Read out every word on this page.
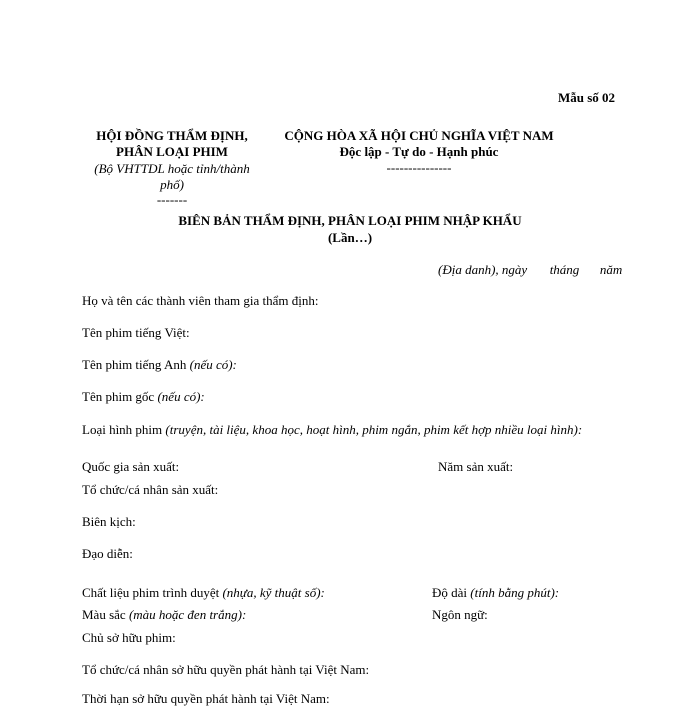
Mẫu số 02
HỘI ĐỒNG THẨM ĐỊNH,
PHÂN LOẠI PHIM
(Bộ VHTTDL hoặc tỉnh/thành
phố)
-------
CỘNG HÒA XÃ HỘI CHỦ NGHĨA VIỆT NAM
Độc lập - Tự do - Hạnh phúc
---------------
BIÊN BẢN THẨM ĐỊNH, PHÂN LOẠI PHIM NHẬP KHẨU
(Lần…)
(Địa danh), ngày tháng năm
Họ và tên các thành viên tham gia thẩm định:
Tên phim tiếng Việt:
Tên phim tiếng Anh (nếu có):
Tên phim gốc (nếu có):
Loại hình phim (truyện, tài liệu, khoa học, hoạt hình, phim ngắn, phim kết hợp nhiều loại hình):
Quốc gia sản xuất:	Năm sản xuất:
Tổ chức/cá nhân sản xuất:
Biên kịch:
Đạo diễn:
Chất liệu phim trình duyệt (nhựa, kỹ thuật số):	Độ dài (tính bằng phút):
Màu sắc (màu hoặc đen trắng):	Ngôn ngữ:
Chủ sở hữu phim:
Tổ chức/cá nhân sở hữu quyền phát hành tại Việt Nam:
Thời hạn sở hữu quyền phát hành tại Việt Nam:
